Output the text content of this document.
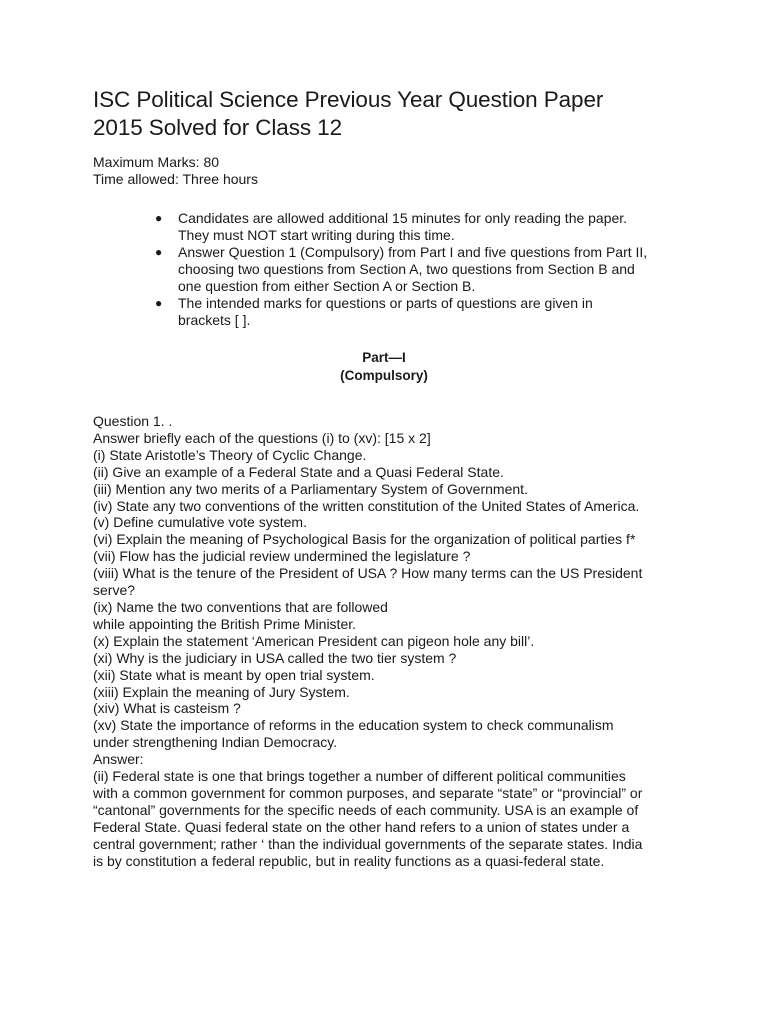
ISC Political Science Previous Year Question Paper
2015 Solved for Class 12
Maximum Marks: 80
Time allowed: Three hours
● Candidates are allowed additional 15 minutes for only reading the paper. They must NOT start writing during this time.
● Answer Question 1 (Compulsory) from Part I and five questions from Part II, choosing two questions from Section A, two questions from Section B and one question from either Section A or Section B.
● The intended marks for questions or parts of questions are given in brackets [ ].
Part—I
(Compulsory)
Question 1. .
Answer briefly each of the questions (i) to (xv): [15 x 2]
(i) State Aristotle’s Theory of Cyclic Change.
(ii) Give an example of a Federal State and a Quasi Federal State.
(iii) Mention any two merits of a Parliamentary System of Government.
(iv) State any two conventions of the written constitution of the United States of America.
(v) Define cumulative vote system.
(vi) Explain the meaning of Psychological Basis for the organization of political parties f*
(vii) Flow has the judicial review undermined the legislature ?
(viii) What is the tenure of the President of USA ? How many terms can the US President serve?
(ix) Name the two conventions that are followed
while appointing the British Prime Minister.
(x) Explain the statement ‘American President can pigeon hole any bill’.
(xi) Why is the judiciary in USA called the two tier system ?
(xii) State what is meant by open trial system.
(xiii) Explain the meaning of Jury System.
(xiv) What is casteism ?
(xv) State the importance of reforms in the education system to check communalism under strengthening Indian Democracy.
Answer:
(ii) Federal state is one that brings together a number of different political communities with a common government for common purposes, and separate “state” or “provincial” or “cantonal” governments for the specific needs of each community. USA is an example of Federal State. Quasi federal state on the other hand refers to a union of states under a central government; rather ‘ than the individual governments of the separate states. India is by constitution a federal republic, but in reality functions as a quasi-federal state.
